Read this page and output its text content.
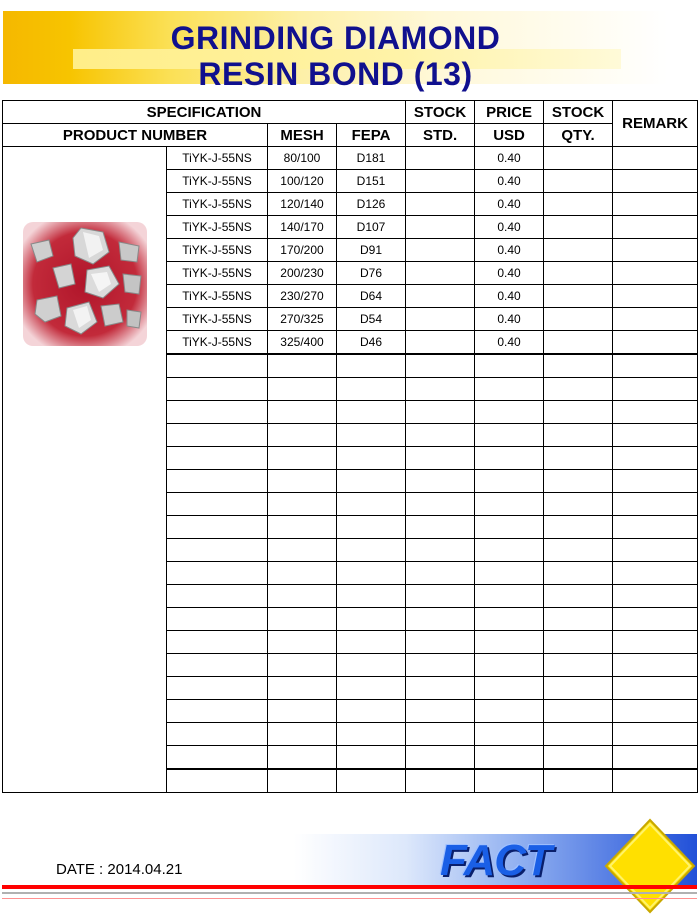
GRINDING DIAMOND
RESIN BOND (13)
SPECIFICATION				STOCK	PRICE	STOCK	REMARK
PRODUCT NUMBER		MESH	FEPA	STD.	USD	QTY.	

	TiYK-J-55NS	80/100	D181		0.40		
	TiYK-J-55NS	100/120	D151		0.40		
	TiYK-J-55NS	120/140	D126		0.40		
	TiYK-J-55NS	140/170	D107		0.40		
	TiYK-J-55NS	170/200	D91		0.40		
	TiYK-J-55NS	200/230	D76		0.40		
	TiYK-J-55NS	230/270	D64		0.40		
	TiYK-J-55NS	270/325	D54		0.40		
	TiYK-J-55NS	325/400	D46		0.40		

DATE : 2014.04.21	FACT
